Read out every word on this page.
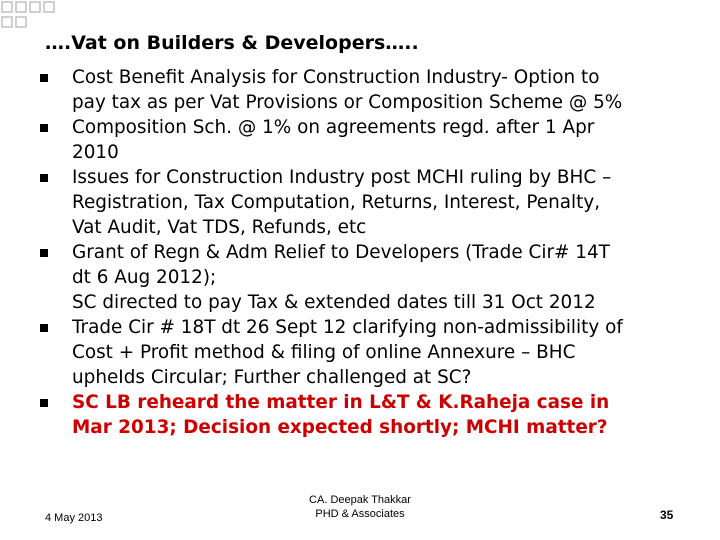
….Vat on Builders & Developers…..
Cost Benefit Analysis for Construction Industry- Option to
pay tax as per Vat Provisions or Composition Scheme @ 5%
Composition Sch. @ 1% on agreements regd. after 1 Apr
2010
Issues for Construction Industry post MCHI ruling by BHC –
Registration, Tax Computation, Returns, Interest, Penalty,
Vat Audit, Vat TDS, Refunds, etc
Grant of Regn & Adm Relief to Developers (Trade Cir# 14T
dt 6 Aug 2012);
SC directed to pay Tax & extended dates till 31 Oct 2012
Trade Cir # 18T dt 26 Sept 12 clarifying non-admissibility of
Cost + Profit method & filing of online Annexure – BHC
upheIds Circular; Further challenged at SC?
SC LB reheard the matter in L&T & K.Raheja case in
Mar 2013; Decision expected shortly; MCHI matter?
4 May 2013
CA. Deepak Thakkar
PHD & Associates	35
